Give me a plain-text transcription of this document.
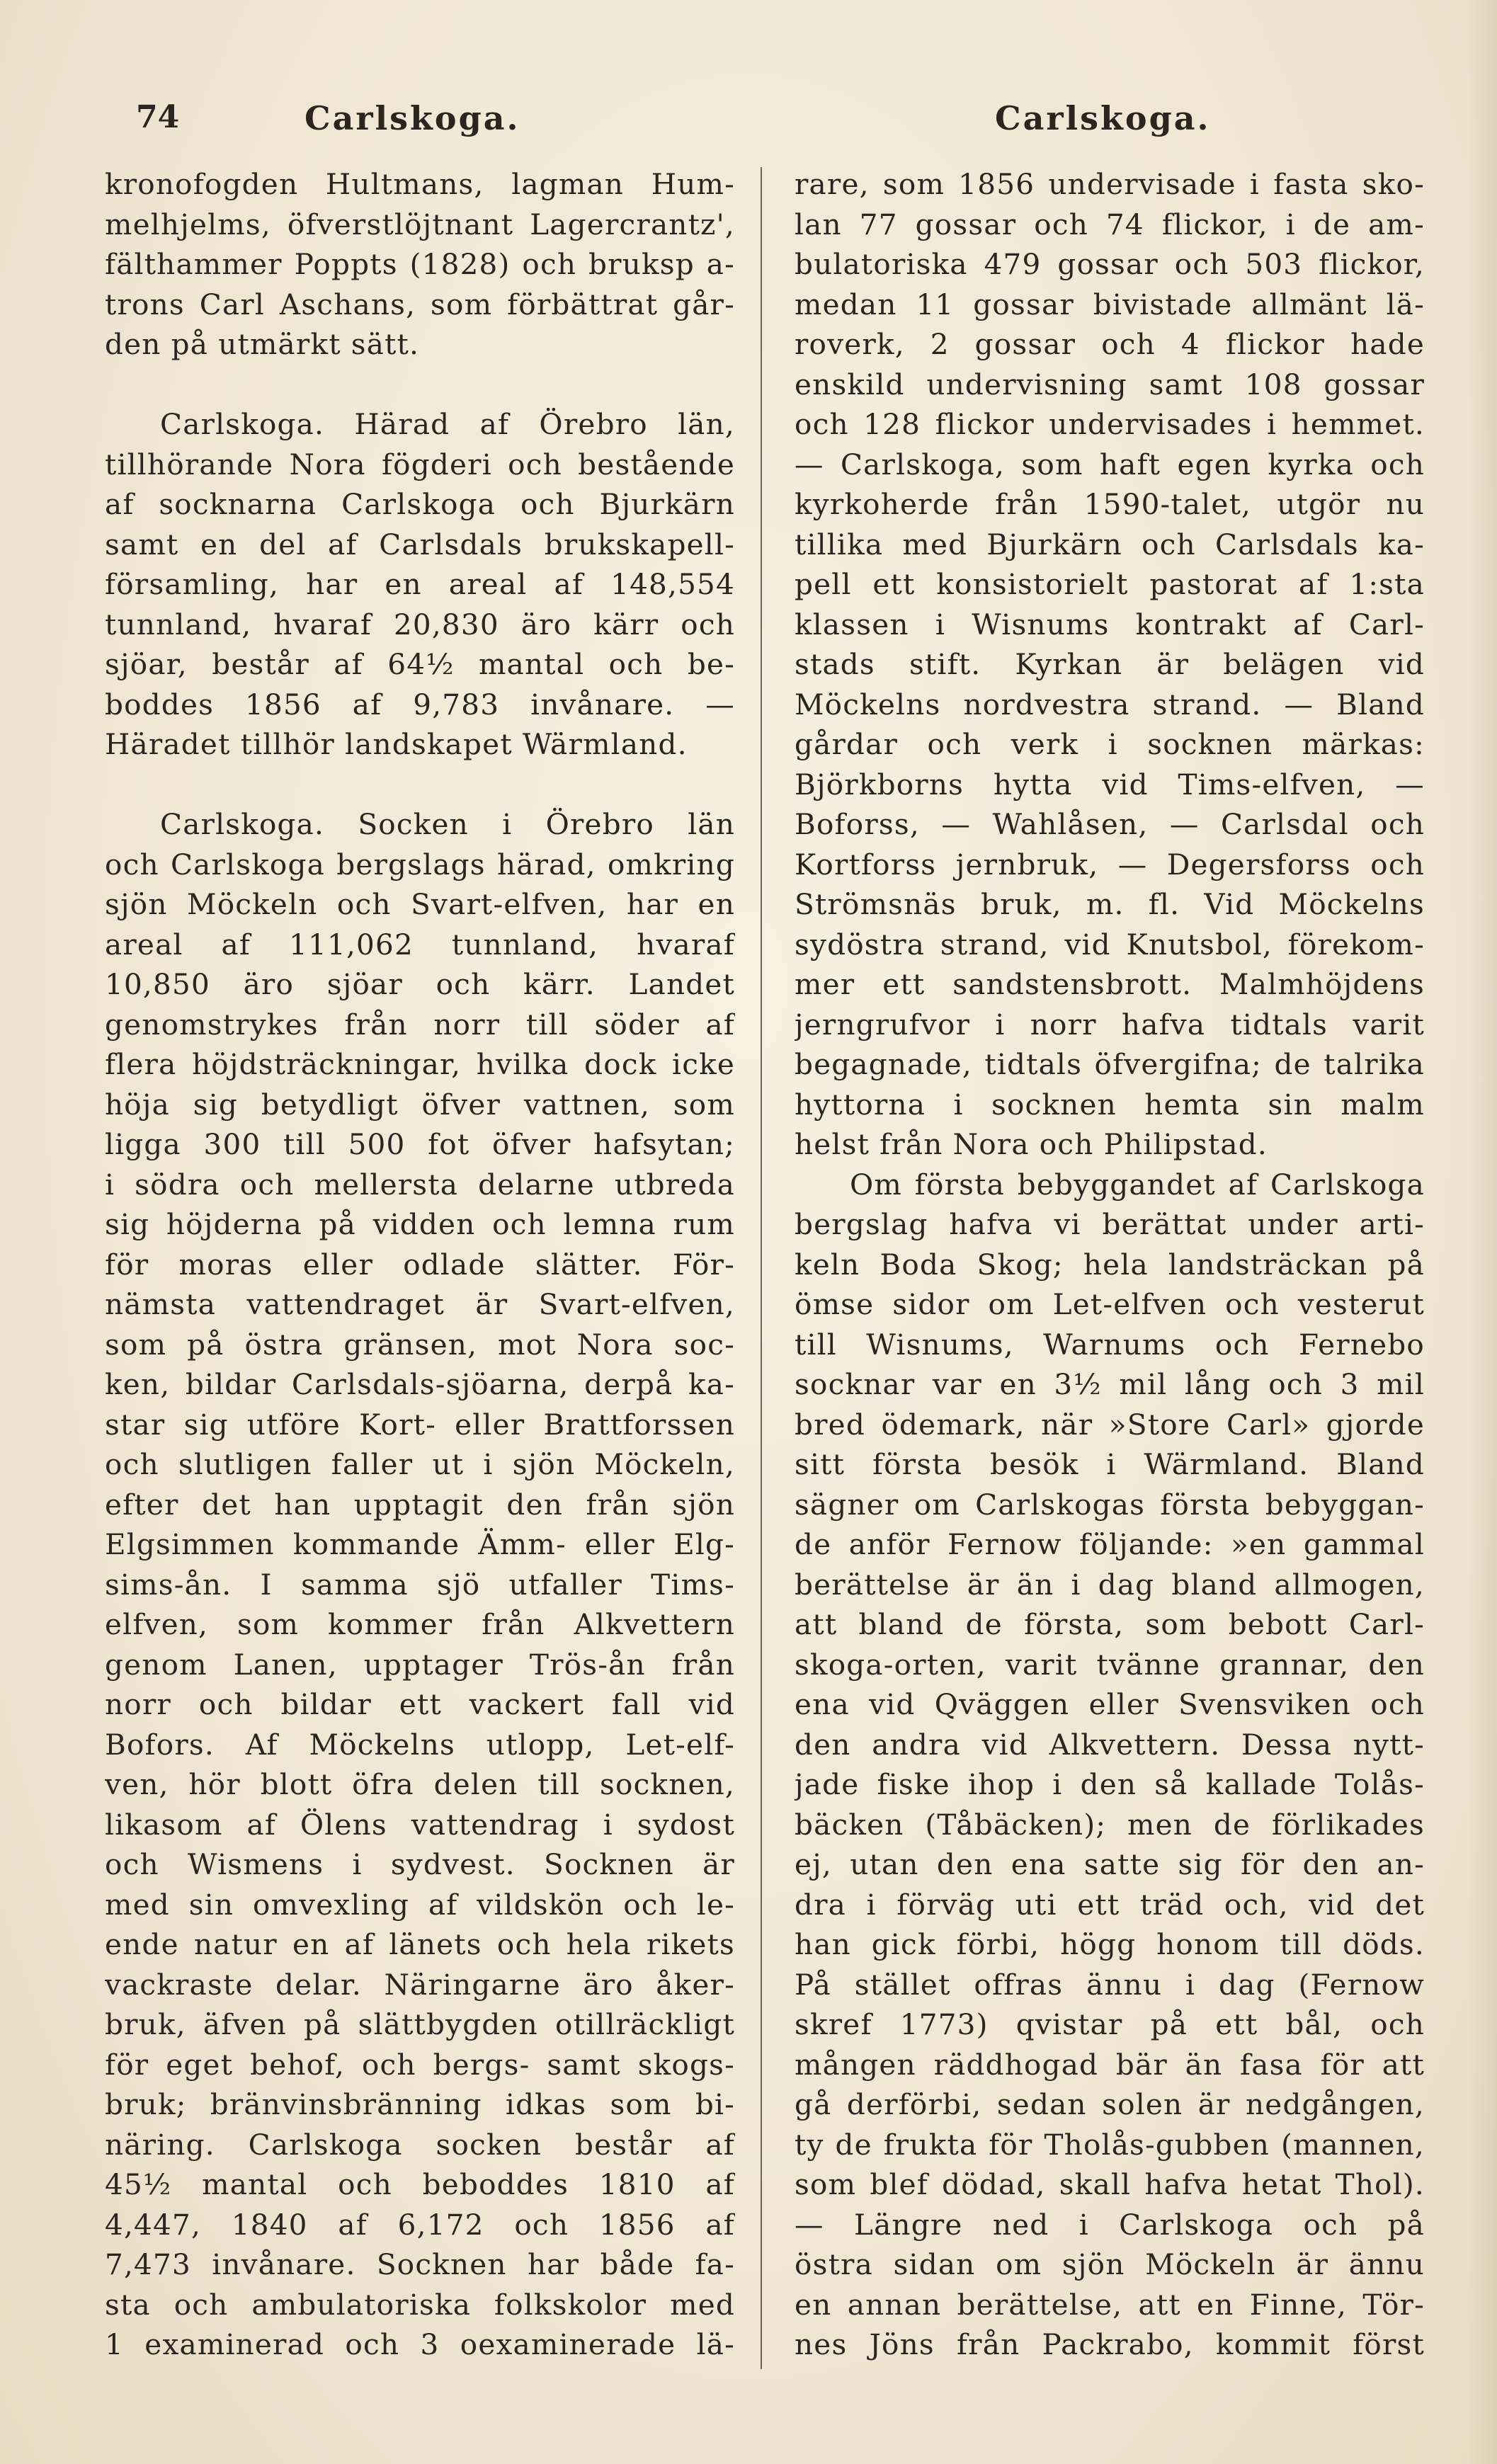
74	Carlskoga.	Carlskoga.
kronofogden Hultmans, lagman Hum-
melhjelms, öfverstlöjtnant Lagercrantz',
fälthammer Poppts (1828) och bruksp a-
trons Carl Aschans, som förbättrat går-
den på utmärkt sätt.
Carlskoga. Härad af Örebro län,
tillhörande Nora fögderi och bestående
af socknarna Carlskoga och Bjurkärn
samt en del af Carlsdals brukskapell-
församling, har en areal af 148,554
tunnland, hvaraf 20,830 äro kärr och
sjöar, består af 64½ mantal och be-
boddes 1856 af 9,783 invånare. —
Häradet tillhör landskapet Wärmland.
Carlskoga. Socken i Örebro län
och Carlskoga bergslags härad, omkring
sjön Möckeln och Svart-elfven, har en
areal af 111,062 tunnland, hvaraf
10,850 äro sjöar och kärr. Landet
genomstrykes från norr till söder af
flera höjdsträckningar, hvilka dock icke
höja sig betydligt öfver vattnen, som
ligga 300 till 500 fot öfver hafsytan;
i södra och mellersta delarne utbreda
sig höjderna på vidden och lemna rum
för moras eller odlade slätter. För-
nämsta vattendraget är Svart-elfven,
som på östra gränsen, mot Nora soc-
ken, bildar Carlsdals-sjöarna, derpå ka-
star sig utföre Kort- eller Brattforssen
och slutligen faller ut i sjön Möckeln,
efter det han upptagit den från sjön
Elgsimmen kommande Ämm- eller Elg-
sims-ån. I samma sjö utfaller Tims-
elfven, som kommer från Alkvettern
genom Lanen, upptager Trös-ån från
norr och bildar ett vackert fall vid
Bofors. Af Möckelns utlopp, Let-elf-
ven, hör blott öfra delen till socknen,
likasom af Ölens vattendrag i sydost
och Wismens i sydvest. Socknen är
med sin omvexling af vildskön och le-
ende natur en af länets och hela rikets
vackraste delar. Näringarne äro åker-
bruk, äfven på slättbygden otillräckligt
för eget behof, och bergs- samt skogs-
bruk; bränvinsbränning idkas som bi-
näring. Carlskoga socken består af
45½ mantal och beboddes 1810 af
4,447, 1840 af 6,172 och 1856 af
7,473 invånare. Socknen har både fa-
sta och ambulatoriska folkskolor med
1 examinerad och 3 oexaminerade lä-
rare, som 1856 undervisade i fasta sko-
lan 77 gossar och 74 flickor, i de am-
bulatoriska 479 gossar och 503 flickor,
medan 11 gossar bivistade allmänt lä-
roverk, 2 gossar och 4 flickor hade
enskild undervisning samt 108 gossar
och 128 flickor undervisades i hemmet.
— Carlskoga, som haft egen kyrka och
kyrkoherde från 1590-talet, utgör nu
tillika med Bjurkärn och Carlsdals ka-
pell ett konsistorielt pastorat af 1:sta
klassen i Wisnums kontrakt af Carl-
stads stift. Kyrkan är belägen vid
Möckelns nordvestra strand. — Bland
gårdar och verk i socknen märkas:
Björkborns hytta vid Tims-elfven, —
Boforss, — Wahlåsen, — Carlsdal och
Kortforss jernbruk, — Degersforss och
Strömsnäs bruk, m. fl. Vid Möckelns
sydöstra strand, vid Knutsbol, förekom-
mer ett sandstensbrott. Malmhöjdens
jerngrufvor i norr hafva tidtals varit
begagnade, tidtals öfvergifna; de talrika
hyttorna i socknen hemta sin malm
helst från Nora och Philipstad.
Om första bebyggandet af Carlskoga
bergslag hafva vi berättat under arti-
keln Boda Skog; hela landsträckan på
ömse sidor om Let-elfven och vesterut
till Wisnums, Warnums och Fernebo
socknar var en 3½ mil lång och 3 mil
bred ödemark, när »Store Carl» gjorde
sitt första besök i Wärmland. Bland
sägner om Carlskogas första bebyggan-
de anför Fernow följande: »en gammal
berättelse är än i dag bland allmogen,
att bland de första, som bebott Carl-
skoga-orten, varit tvänne grannar, den
ena vid Qväggen eller Svensviken och
den andra vid Alkvettern. Dessa nytt-
jade fiske ihop i den så kallade Tolås-
bäcken (Tåbäcken); men de förlikades
ej, utan den ena satte sig för den an-
dra i förväg uti ett träd och, vid det
han gick förbi, högg honom till döds.
På stället offras ännu i dag (Fernow
skref 1773) qvistar på ett bål, och
mången räddhogad bär än fasa för att
gå derförbi, sedan solen är nedgången,
ty de frukta för Tholås-gubben (mannen,
som blef dödad, skall hafva hetat Thol).
— Längre ned i Carlskoga och på
östra sidan om sjön Möckeln är ännu
en annan berättelse, att en Finne, Tör-
nes Jöns från Packrabo, kommit först
